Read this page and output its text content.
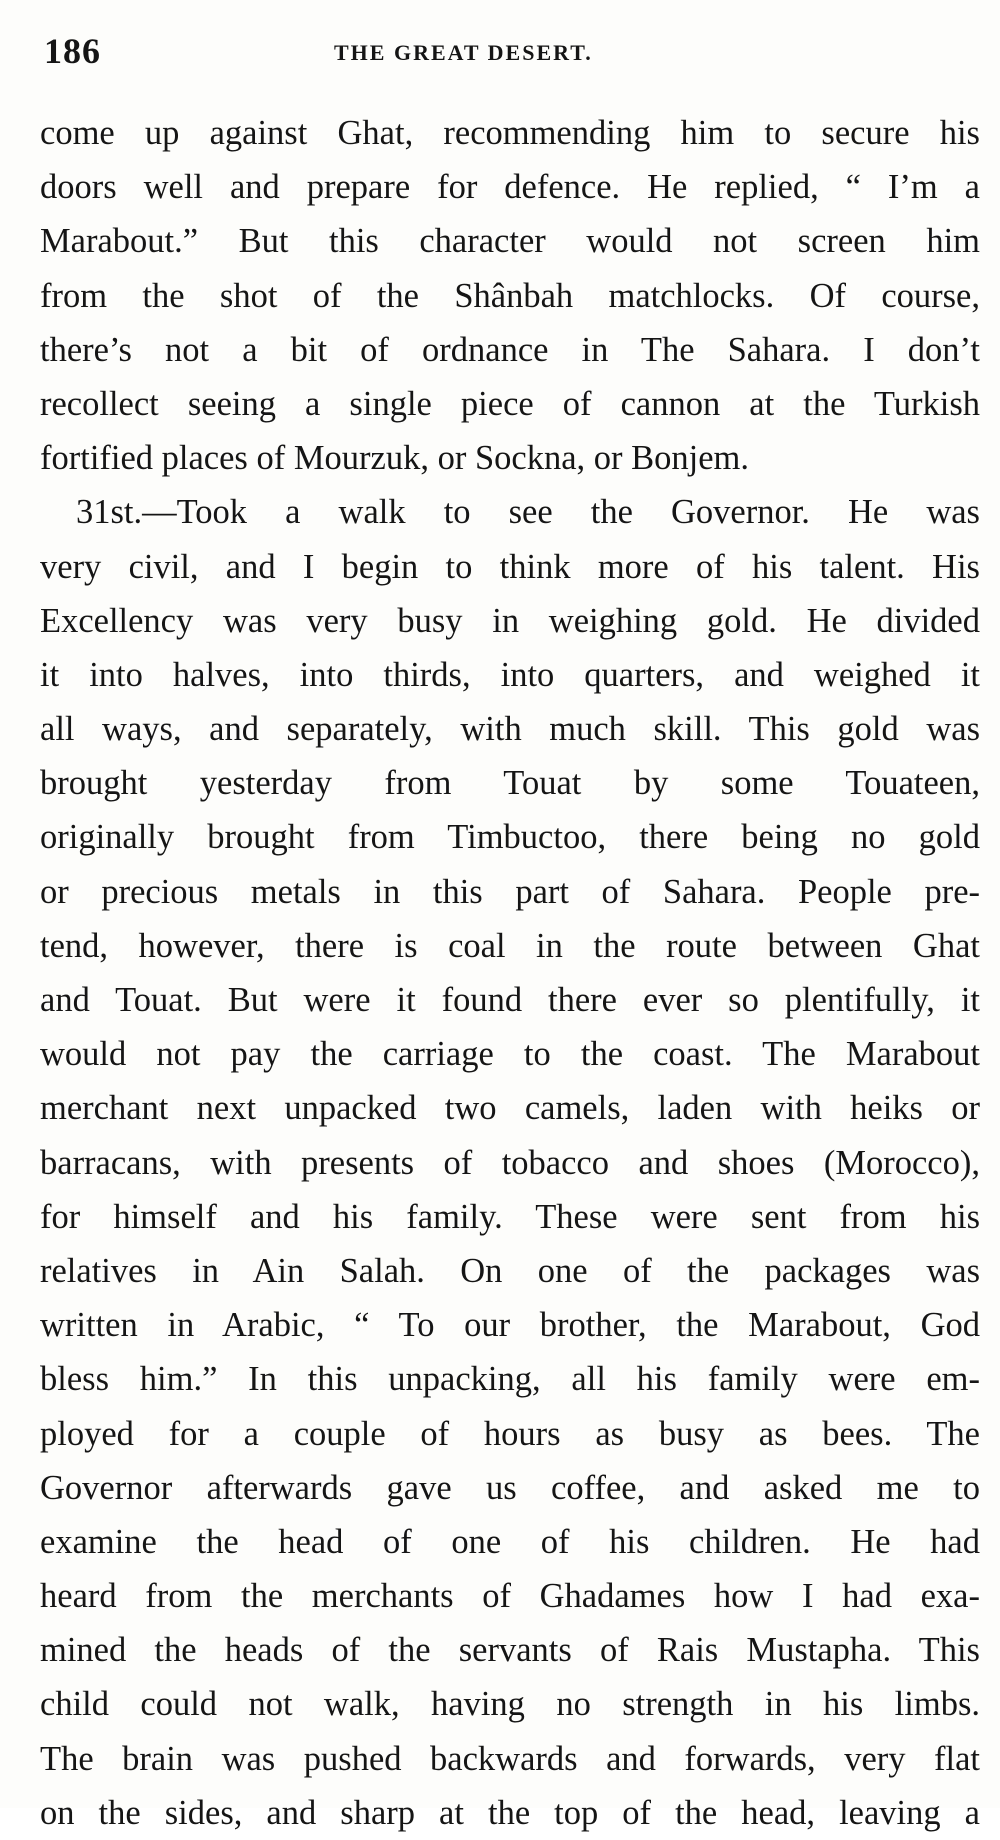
186	THE GREAT DESERT.
come up against Ghat, recommending him to secure his
doors well and prepare for defence. He replied, “ I’m a
Marabout.” But this character would not screen him
from the shot of the Shânbah matchlocks. Of course,
there’s not a bit of ordnance in The Sahara. I don’t
recollect seeing a single piece of cannon at the Turkish
fortified places of Mourzuk, or Sockna, or Bonjem.
31st.—Took a walk to see the Governor. He was
very civil, and I begin to think more of his talent. His
Excellency was very busy in weighing gold. He divided
it into halves, into thirds, into quarters, and weighed it
all ways, and separately, with much skill. This gold was
brought yesterday from Touat by some Touateen,
originally brought from Timbuctoo, there being no gold
or precious metals in this part of Sahara. People pre-
tend, however, there is coal in the route between Ghat
and Touat. But were it found there ever so plentifully, it
would not pay the carriage to the coast. The Marabout
merchant next unpacked two camels, laden with heiks or
barracans, with presents of tobacco and shoes (Morocco),
for himself and his family. These were sent from his
relatives in Ain Salah. On one of the packages was
written in Arabic, “ To our brother, the Marabout, God
bless him.” In this unpacking, all his family were em-
ployed for a couple of hours as busy as bees. The
Governor afterwards gave us coffee, and asked me to
examine the head of one of his children. He had
heard from the merchants of Ghadames how I had exa-
mined the heads of the servants of Rais Mustapha. This
child could not walk, having no strength in his limbs.
The brain was pushed backwards and forwards, very flat
on the sides, and sharp at the top of the head, leaving a
